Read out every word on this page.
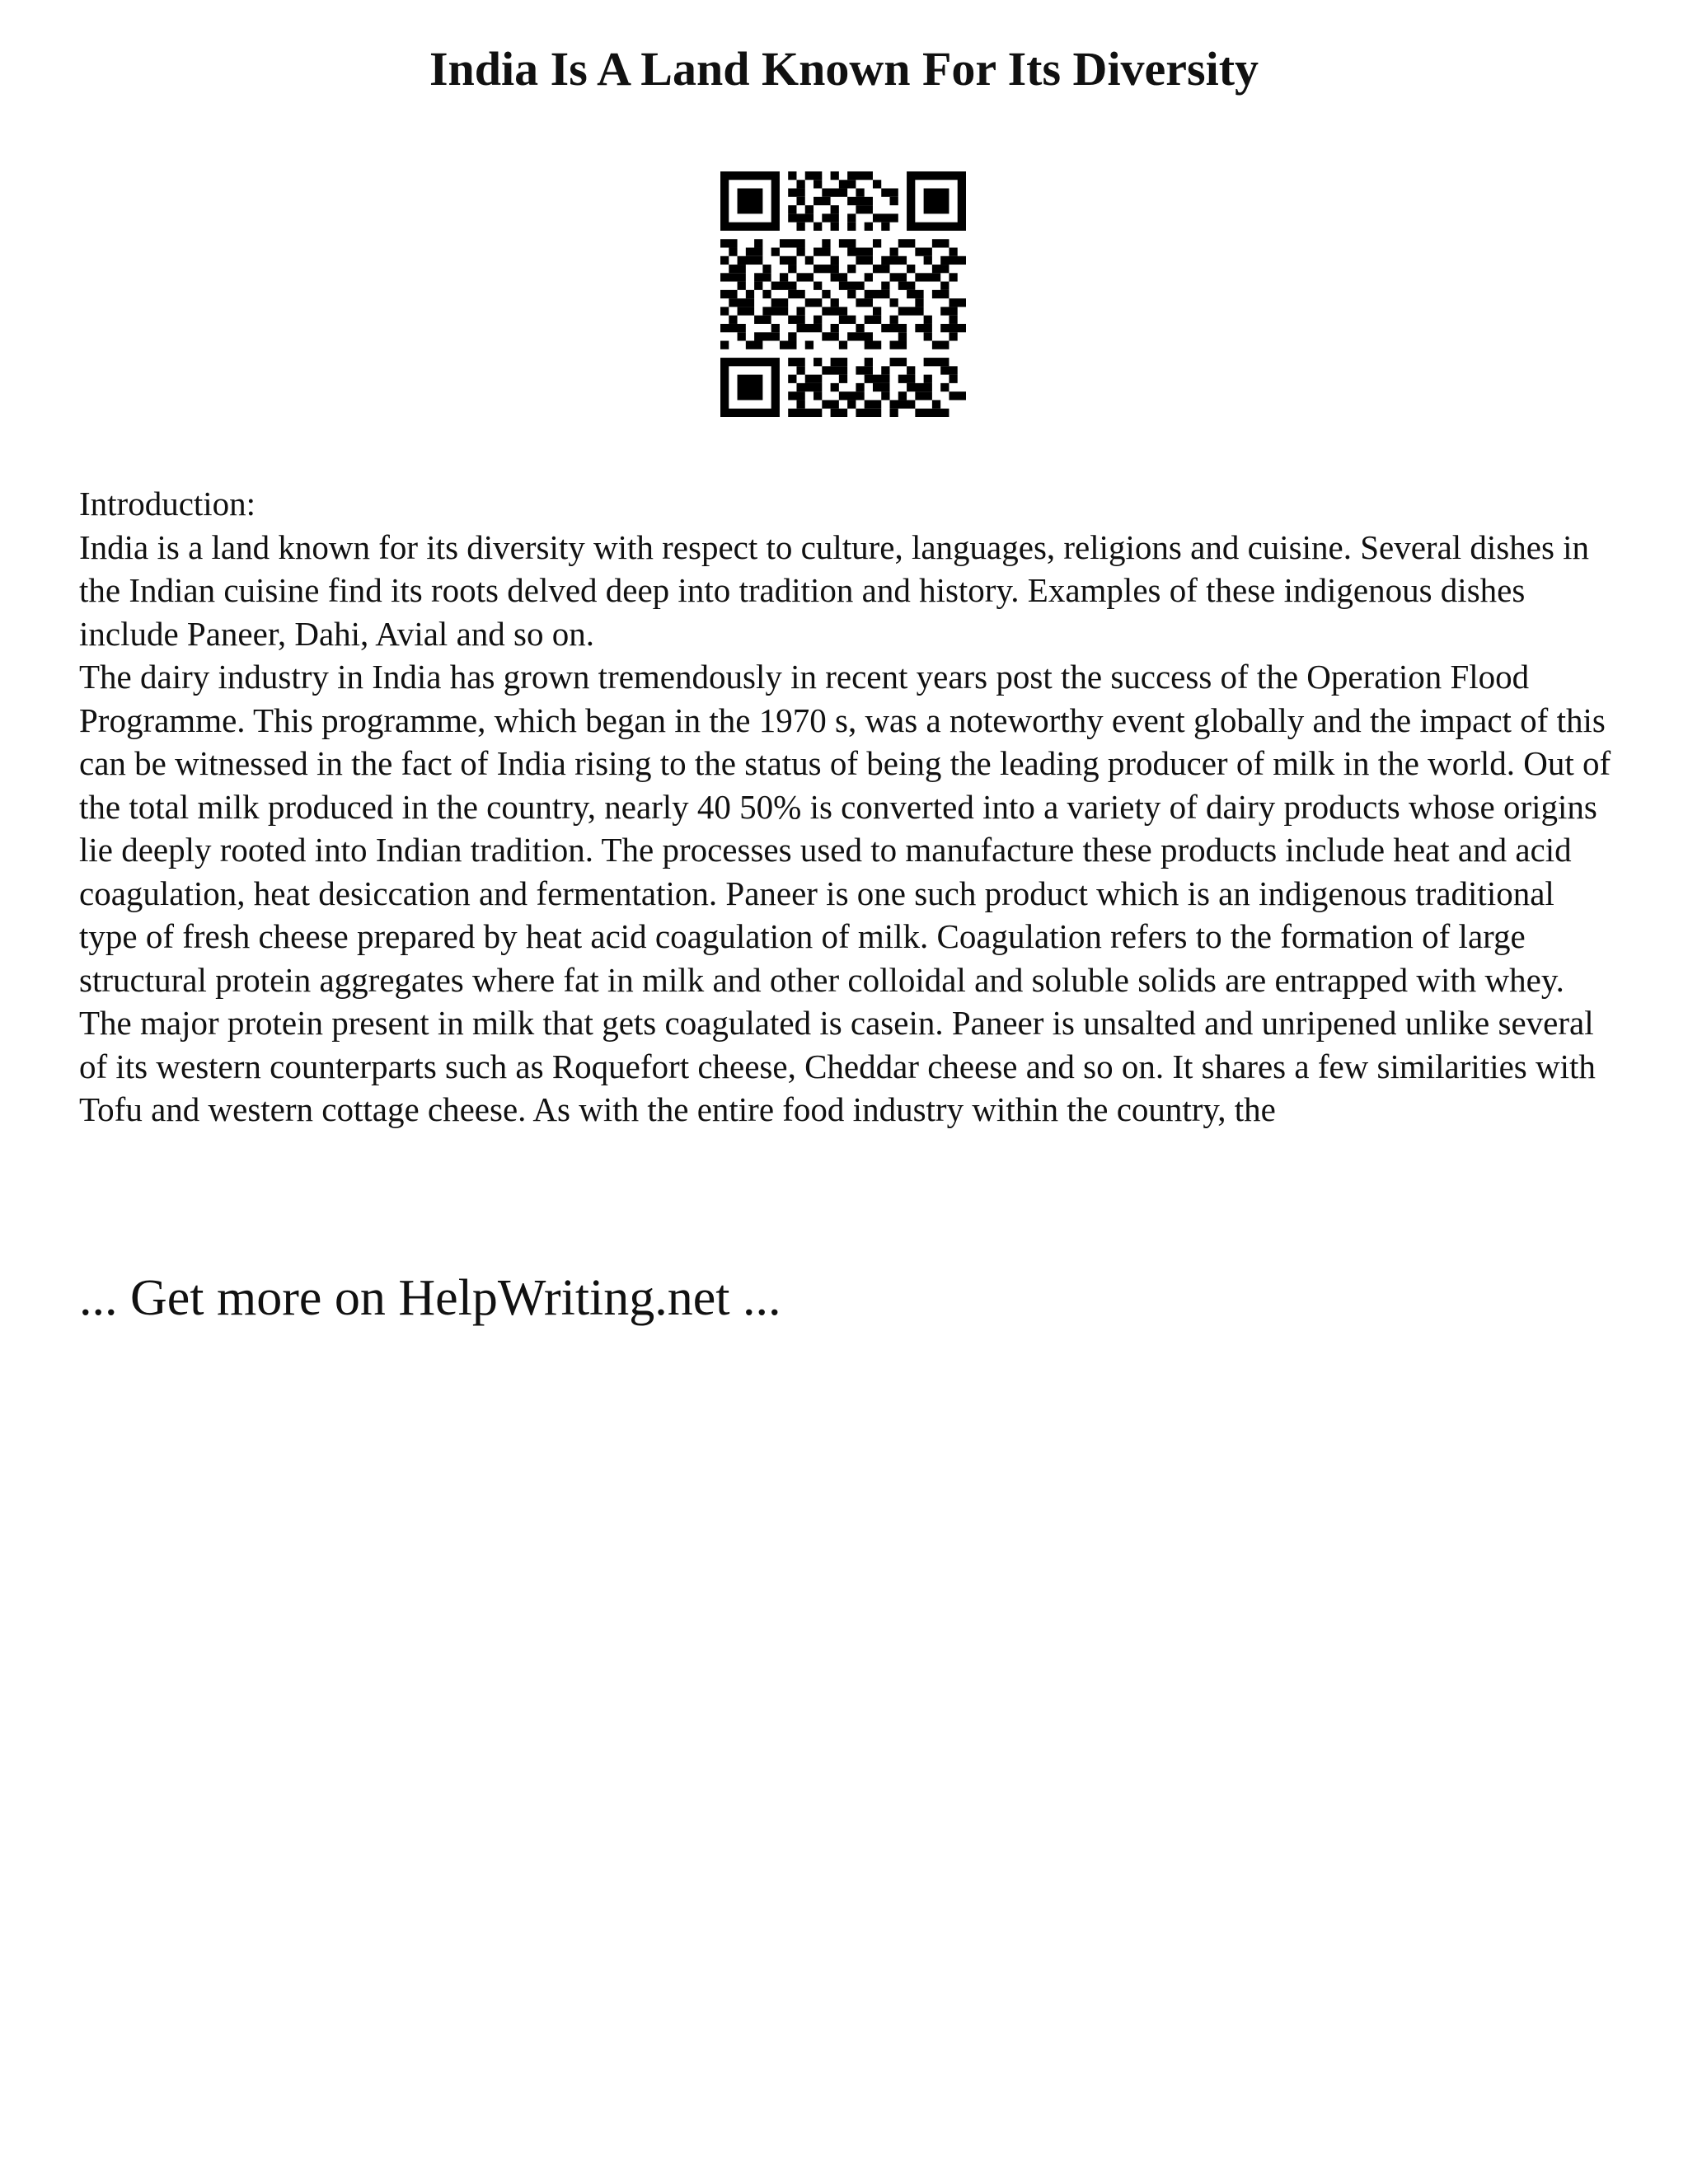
India Is A Land Known For Its Diversity

Introduction:

India is a land known for its diversity with respect to culture, languages, religions and cuisine. Several dishes in the Indian cuisine find its roots delved deep into tradition and history. Examples of these indigenous dishes include Paneer, Dahi, Avial and so on.

The dairy industry in India has grown tremendously in recent years post the success of the Operation Flood Programme. This programme, which began in the 1970 s, was a noteworthy event globally and the impact of this can be witnessed in the fact of India rising to the status of being the leading producer of milk in the world. Out of the total milk produced in the country, nearly 40 50% is converted into a variety of dairy products whose origins lie deeply rooted into Indian tradition. The processes used to manufacture these products include heat and acid coagulation, heat desiccation and fermentation. Paneer is one such product which is an indigenous traditional type of fresh cheese prepared by heat acid coagulation of milk. Coagulation refers to the formation of large structural protein aggregates where fat in milk and other colloidal and soluble solids are entrapped with whey. The major protein present in milk that gets coagulated is casein. Paneer is unsalted and unripened unlike several of its western counterparts such as Roquefort cheese, Cheddar cheese and so on. It shares a few similarities with Tofu and western cottage cheese. As with the entire food industry within the country, the

... Get more on HelpWriting.net ...
